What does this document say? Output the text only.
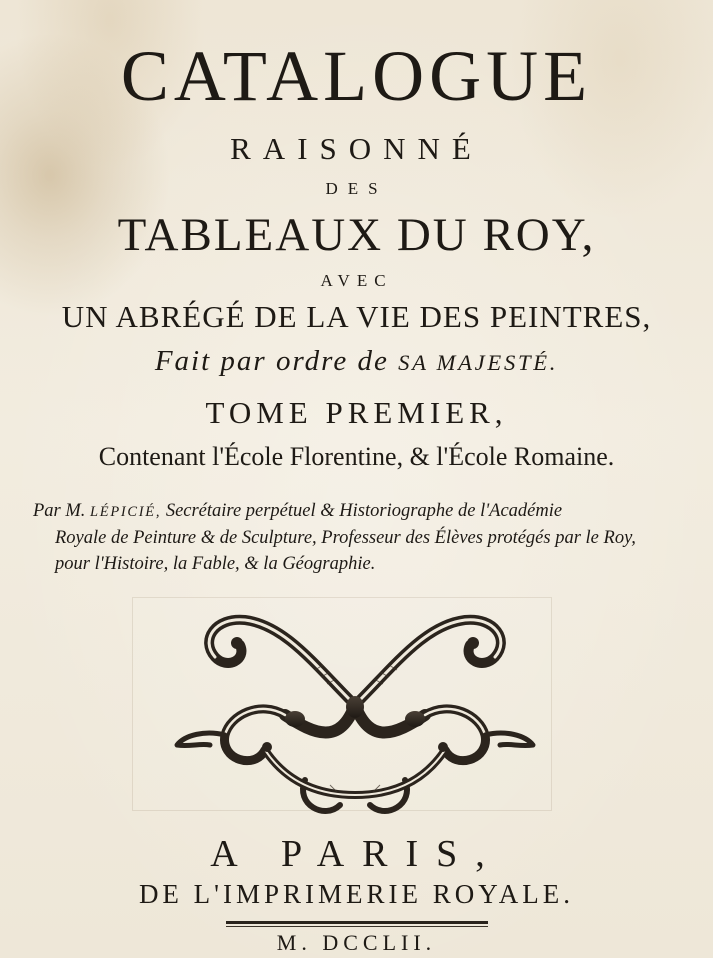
CATALOGUE
RAISONNÉ
DES
TABLEAUX DU ROY,
AVEC
UN ABRÉGÉ DE LA VIE DES PEINTRES,
Fait par ordre de SA MAJESTÉ.
TOME PREMIER,
Contenant l'École Florentine, & l'École Romaine.
Par M. LÉPICIÉ, Secrétaire perpétuel & Historiographe de l'Académie
Royale de Peinture & de Sculpture, Professeur des Élèves protégés par le Roy,
pour l'Histoire, la Fable, & la Géographie.
A PARIS,
DE L'IMPRIMERIE ROYALE.
M. DCCLII.
